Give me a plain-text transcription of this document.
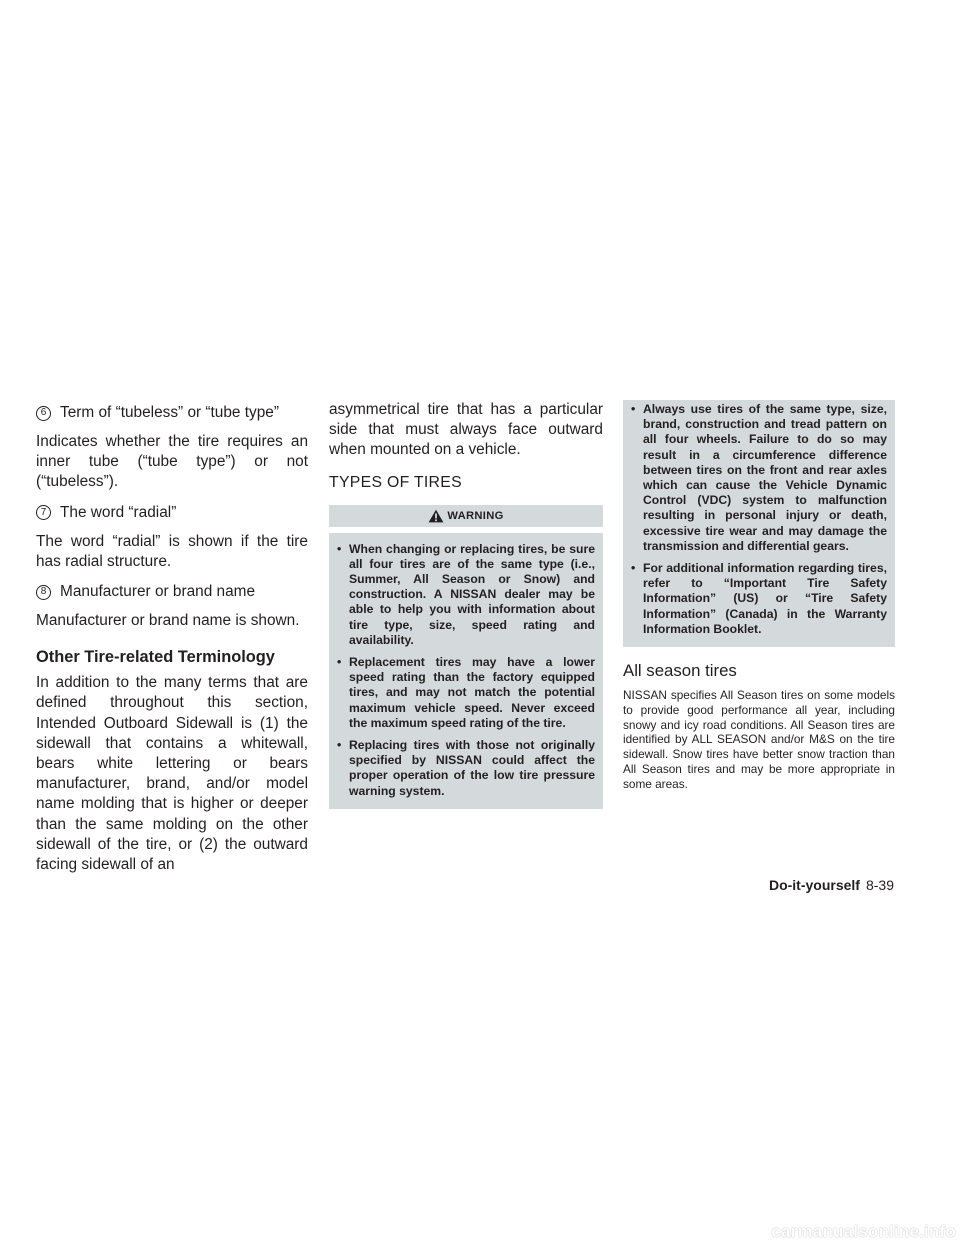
6 Term of “tubeless” or “tube type”

Indicates whether the tire requires an inner tube (“tube type”) or not (“tubeless”).

7 The word “radial”

The word “radial” is shown if the tire has radial structure.

8 Manufacturer or brand name

Manufacturer or brand name is shown.

Other Tire-related Terminology

In addition to the many terms that are defined throughout this section, Intended Outboard Sidewall is (1) the sidewall that contains a whitewall, bears white lettering or bears manufacturer, brand, and/or model name molding that is higher or deeper than the same molding on the other sidewall of the tire, or (2) the outward facing sidewall of an

asymmetrical tire that has a particular side that must always face outward when mounted on a vehicle.

TYPES OF TIRES
WARNING
• When changing or replacing tires, be sure all four tires are of the same type (i.e., Summer, All Season or Snow) and construction. A NISSAN dealer may be able to help you with information about tire type, size, speed rating and availability.
• Replacement tires may have a lower speed rating than the factory equipped tires, and may not match the potential maximum vehicle speed. Never exceed the maximum speed rating of the tire.
• Replacing tires with those not originally specified by NISSAN could affect the proper operation of the low tire pressure warning system.
• Always use tires of the same type, size, brand, construction and tread pattern on all four wheels. Failure to do so may result in a circumference difference between tires on the front and rear axles which can cause the Vehicle Dynamic Control (VDC) system to malfunction resulting in personal injury or death, excessive tire wear and may damage the transmission and differential gears.
• For additional information regarding tires, refer to “Important Tire Safety Information” (US) or “Tire Safety Information” (Canada) in the Warranty Information Booklet.
All season tires

NISSAN specifies All Season tires on some models to provide good performance all year, including snowy and icy road conditions. All Season tires are identified by ALL SEASON and/or M&S on the tire sidewall. Snow tires have better snow traction than All Season tires and may be more appropriate in some areas.

Do-it-yourself 8-39
carmanualsonline.info
